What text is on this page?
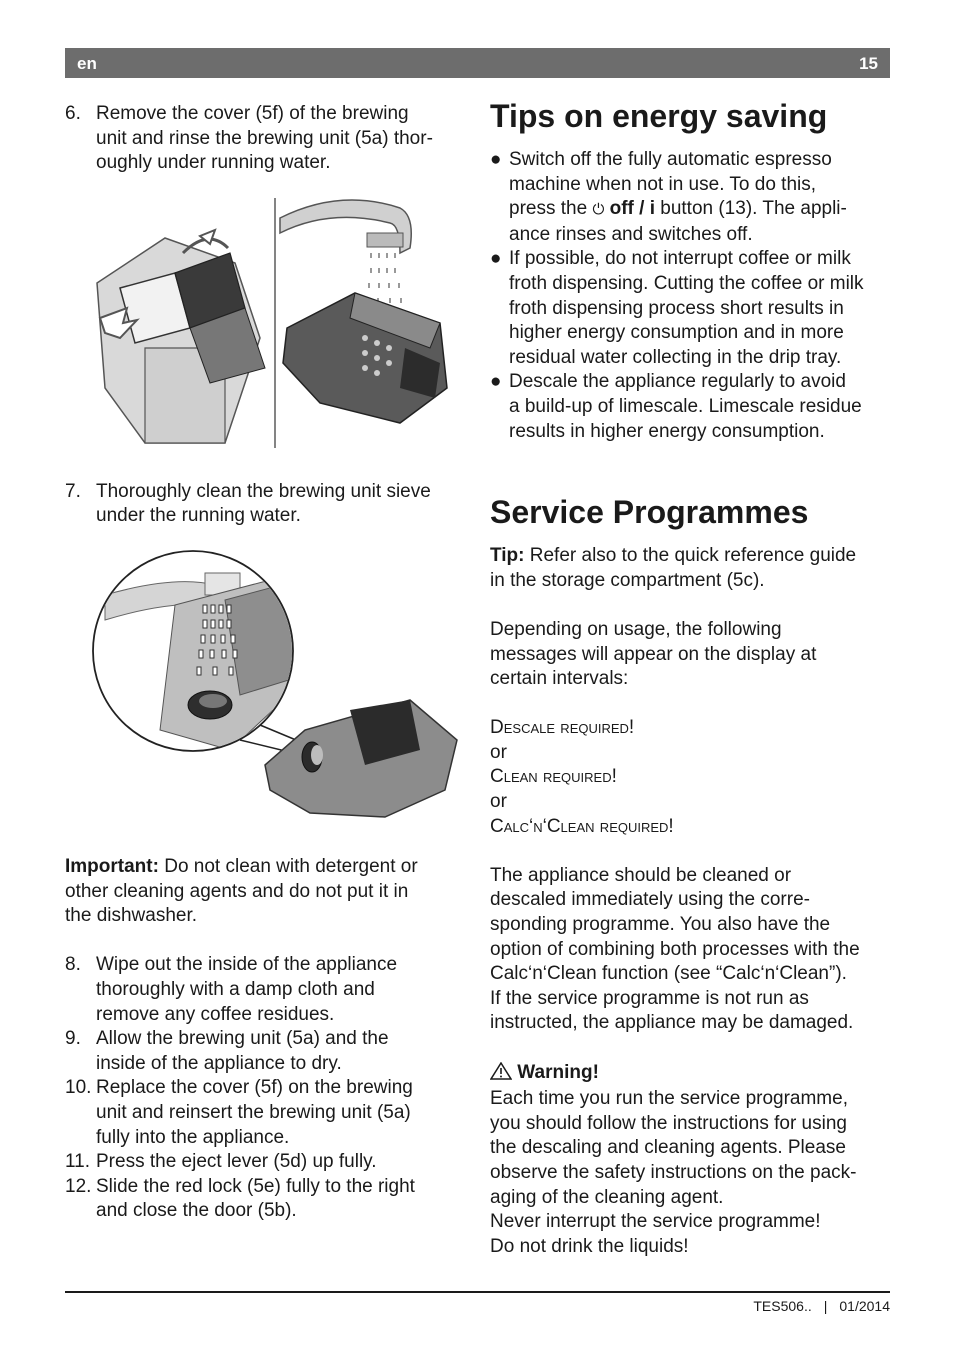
en	15
6. Remove the cover (5f) of the brewing
unit and rinse the brewing unit (5a) thor-
oughly under running water.
7. Thoroughly clean the brewing unit sieve
under the running water.

Important: Do not clean with detergent or
other cleaning agents and do not put it in
the dishwasher.

8. Wipe out the inside of the appliance
thoroughly with a damp cloth and
remove any coffee residues.
9. Allow the brewing unit (5a) and the
inside of the appliance to dry.
10. Replace the cover (5f) on the brewing
unit and reinsert the brewing unit (5a)
fully into the appliance.
11. Press the eject lever (5d) up fully.
12. Slide the red lock (5e) fully to the right
and close the door (5b).
Tips on energy saving
● Switch off the fully automatic espresso
machine when not in use. To do this,
press the ⏻ off / i button (13). The appli-
ance rinses and switches off.
● If possible, do not interrupt coffee or milk
froth dispensing. Cutting the coffee or milk
froth dispensing process short results in
higher energy consumption and in more
residual water collecting in the drip tray.
● Descale the appliance regularly to avoid
a build-up of limescale. Limescale residue
results in higher energy consumption.
Service Programmes

Tip: Refer also to the quick reference guide
in the storage compartment (5c).

Depending on usage, the following
messages will appear on the display at
certain intervals:

Descale required!

or

Clean required!

or

Calc‘n‘Clean required!

The appliance should be cleaned or
descaled immediately using the corre-
sponding programme. You also have the
option of combining both processes with the
Calc‘n‘Clean function (see “Calc‘n‘Clean”).
If the service programme is not run as
instructed, the appliance may be damaged.

Warning!

Each time you run the service programme,
you should follow the instructions for using
the descaling and cleaning agents. Please
observe the safety instructions on the pack-
aging of the cleaning agent.
Never interrupt the service programme!
Do not drink the liquids!

TES506.. | 01/2014
